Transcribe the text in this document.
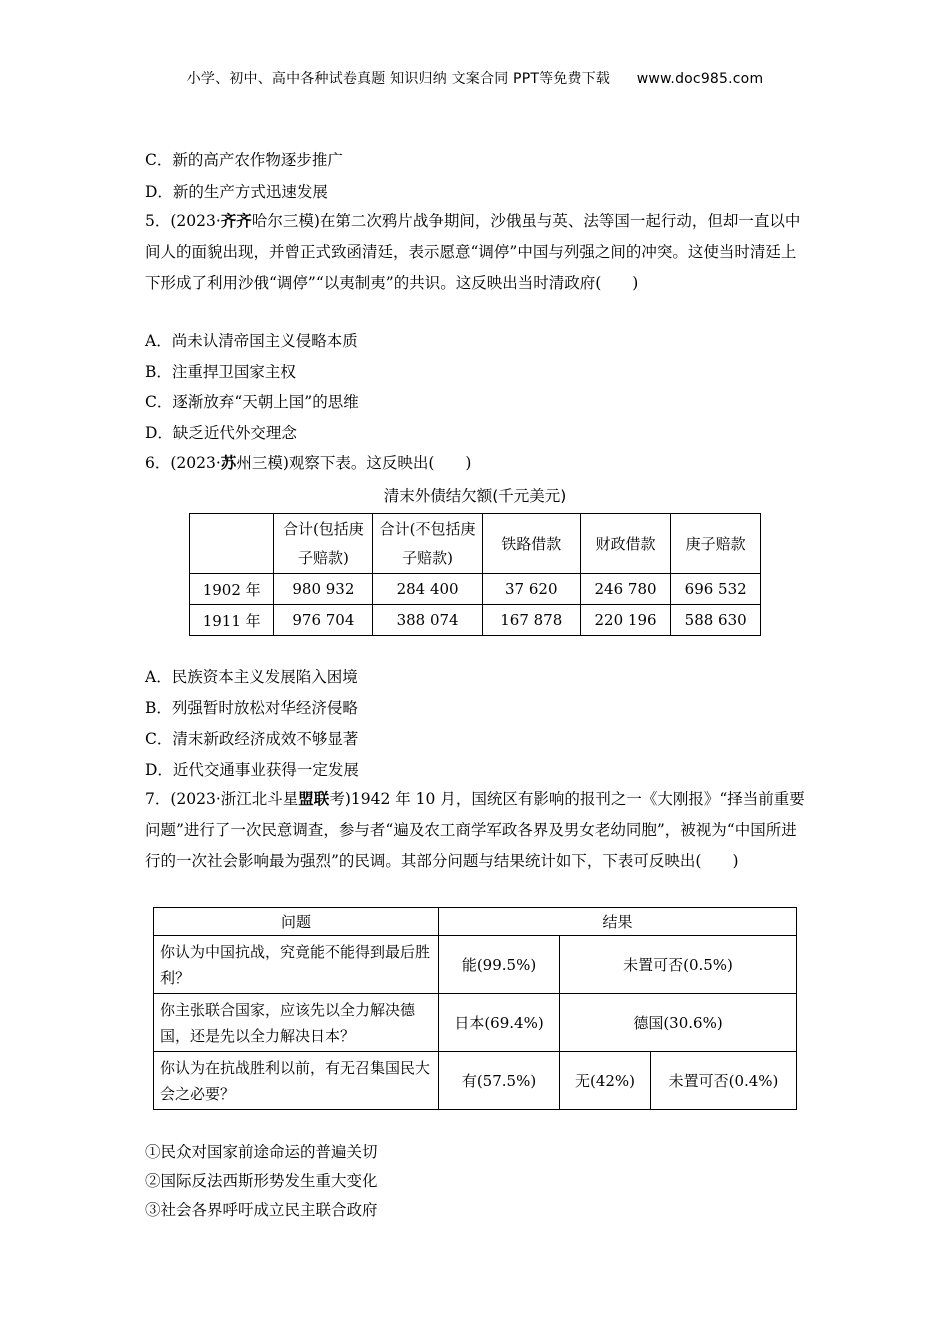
小学、初中、高中各种试卷真题 知识归纳 文案合同 PPT等免费下载 www.doc985.com
C．新的高产农作物逐步推广
D．新的生产方式迅速发展
5．(2023·齐齐哈尔三模)在第二次鸦片战争期间，沙俄虽与英、法等国一起行动，但却一直以中间人的面貌出现，并曾正式致函清廷，表示愿意“调停”中国与列强之间的冲突。这使当时清廷上下形成了利用沙俄“调停”“以夷制夷”的共识。这反映出当时清政府(　　)
A．尚未认清帝国主义侵略本质
B．注重捍卫国家主权
C．逐渐放弃“天朝上国”的思维
D．缺乏近代外交理念
6．(2023·苏州三模)观察下表。这反映出(　　)
清末外债结欠额(千元美元)
	合计(包括庚子赔款)	合计(不包括庚子赔款)	铁路借款	财政借款	庚子赔款
1902 年	980 932	284 400	37 620	246 780	696 532
1911 年	976 704	388 074	167 878	220 196	588 630
A．民族资本主义发展陷入困境
B．列强暂时放松对华经济侵略
C．清末新政经济成效不够显著
D．近代交通事业获得一定发展
7．(2023·浙江北斗星盟联考)1942 年 10 月，国统区有影响的报刊之一《大刚报》“择当前重要问题”进行了一次民意调查，参与者“遍及农工商学军政各界及男女老幼同胞”，被视为“中国所进行的一次社会影响最为强烈”的民调。其部分问题与结果统计如下，下表可反映出(　　)
问题	结果		
你认为中国抗战，究竟能不能得到最后胜利？	能(99.5%)	未置可否(0.5%)	
你主张联合国家，应该先以全力解决德国，还是先以全力解决日本？	日本(69.4%)	德国(30.6%)	
你认为在抗战胜利以前，有无召集国民大会之必要？	有(57.5%)	无(42%)	未置可否(0.4%)
①民众对国家前途命运的普遍关切
②国际反法西斯形势发生重大变化
③社会各界呼吁成立民主联合政府
